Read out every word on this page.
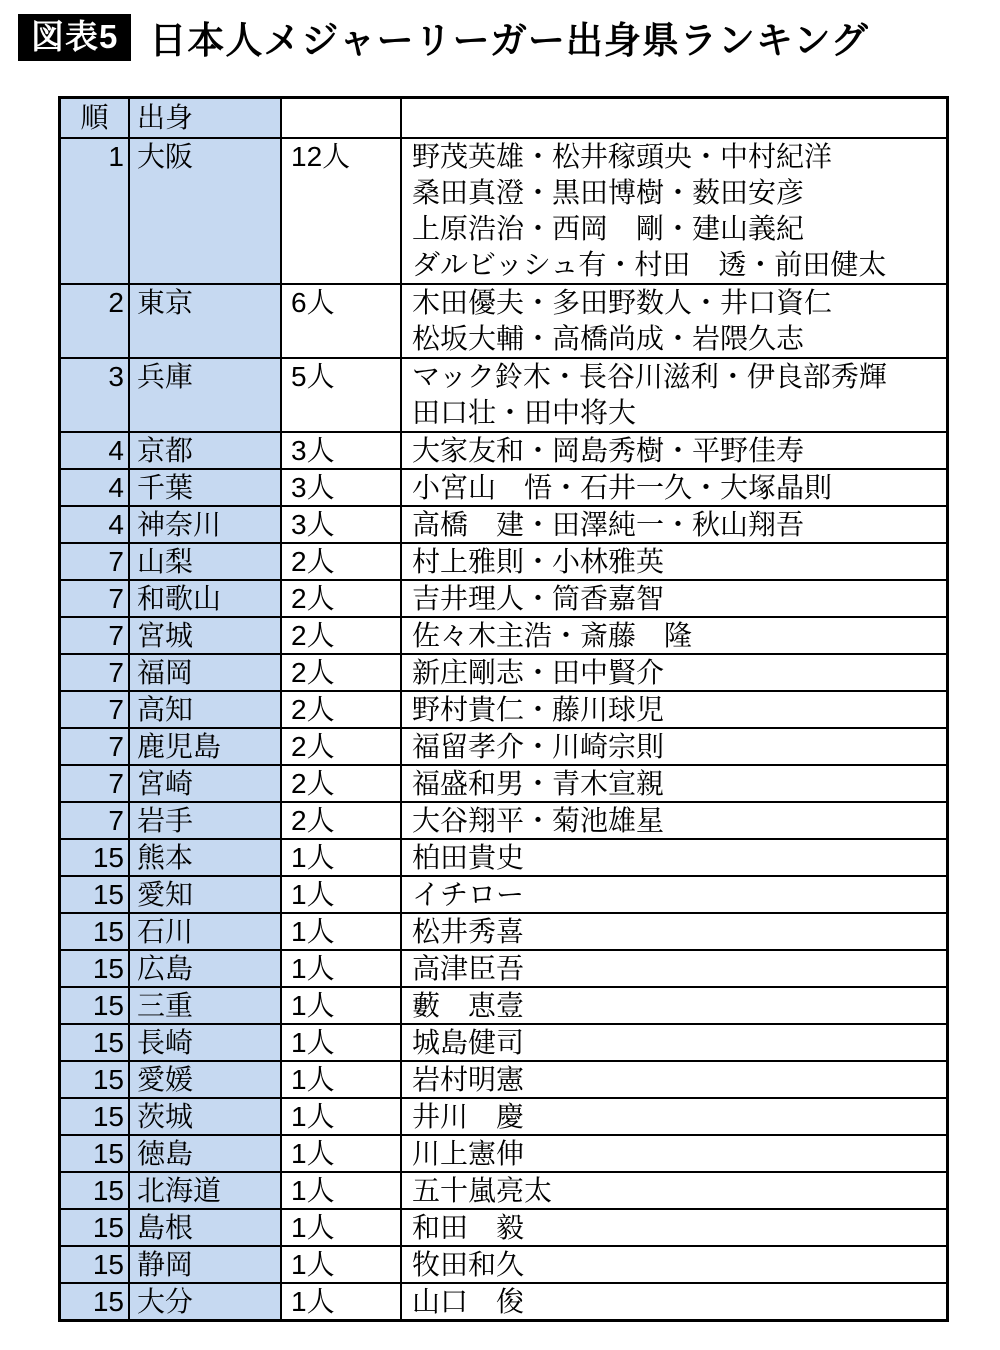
図表5 日本人メジャーリーガー出身県ランキング
順	出身		
1	大阪	12人	野茂英雄・松井稼頭央・中村紀洋
桑田真澄・黒田博樹・薮田安彦
上原浩治・西岡　剛・建山義紀
ダルビッシュ有・村田　透・前田健太

2	東京	6人	木田優夫・多田野数人・井口資仁
松坂大輔・高橋尚成・岩隈久志

3	兵庫	5人	マック鈴木・長谷川滋利・伊良部秀輝
田口壮・田中将大

4	京都	3人	大家友和・岡島秀樹・平野佳寿

4	千葉	3人	小宮山　悟・石井一久・大塚晶則

4	神奈川	3人	高橋　建・田澤純一・秋山翔吾

7	山梨	2人	村上雅則・小林雅英

7	和歌山	2人	吉井理人・筒香嘉智

7	宮城	2人	佐々木主浩・斎藤　隆

7	福岡	2人	新庄剛志・田中賢介

7	高知	2人	野村貴仁・藤川球児

7	鹿児島	2人	福留孝介・川崎宗則

7	宮崎	2人	福盛和男・青木宣親

7	岩手	2人	大谷翔平・菊池雄星

15	熊本	1人	柏田貴史

15	愛知	1人	イチロー

15	石川	1人	松井秀喜

15	広島	1人	高津臣吾

15	三重	1人	藪　恵壹

15	長崎	1人	城島健司

15	愛媛	1人	岩村明憲

15	茨城	1人	井川　慶

15	徳島	1人	川上憲伸

15	北海道	1人	五十嵐亮太

15	島根	1人	和田　毅

15	静岡	1人	牧田和久

15	大分	1人	山口　俊
